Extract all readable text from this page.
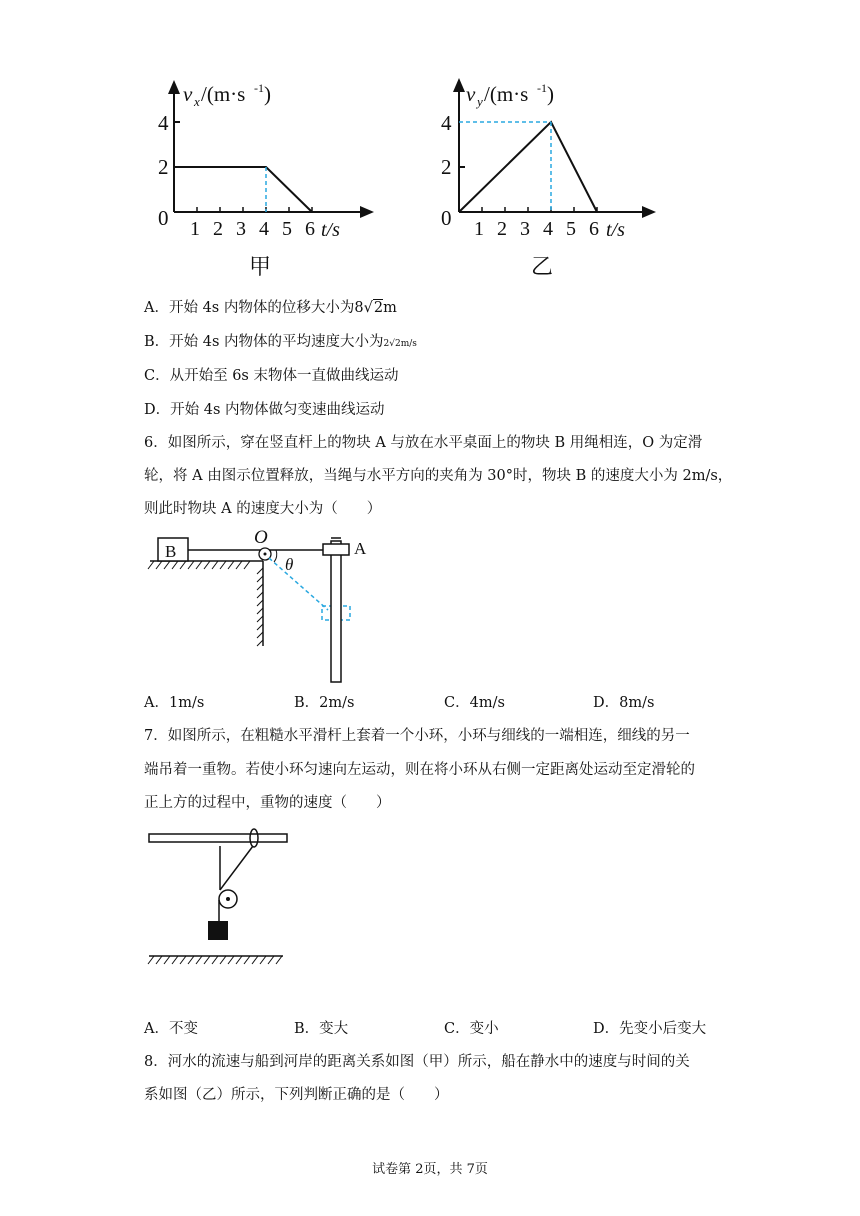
v x /(m·s -1 )
4
2
0 1 2 3 4 5 6 t/s
甲
v y /(m·s -1 )
4
2
0 1 2 3 4 5 6 t/s
乙
A．开始 4s 内物体的位移大小为8√2m
B．开始 4s 内物体的平均速度大小为2√2m/s
C．从开始至 6s 末物体一直做曲线运动
D．开始 4s 内物体做匀变速曲线运动
6．如图所示，穿在竖直杆上的物块 A 与放在水平桌面上的物块 B 用绳相连，O 为定滑
轮，将 A 由图示位置释放，当绳与水平方向的夹角为 30°时，物块 B 的速度大小为 2m/s，
则此时物块 A 的速度大小为（　　）
B
O
θ
A
A．1m/s	B．2m/s	C．4m/s	D．8m/s
7．如图所示，在粗糙水平滑杆上套着一个小环，小环与细线的一端相连，细线的另一
端吊着一重物。若使小环匀速向左运动，则在将小环从右侧一定距离处运动至定滑轮的
正上方的过程中，重物的速度（　　）
A．不变	B．变大	C．变小	D．先变小后变大
8．河水的流速与船到河岸的距离关系如图（甲）所示，船在静水中的速度与时间的关
系如图（乙）所示，下列判断正确的是（　　）
试卷第 2页，共 7页
